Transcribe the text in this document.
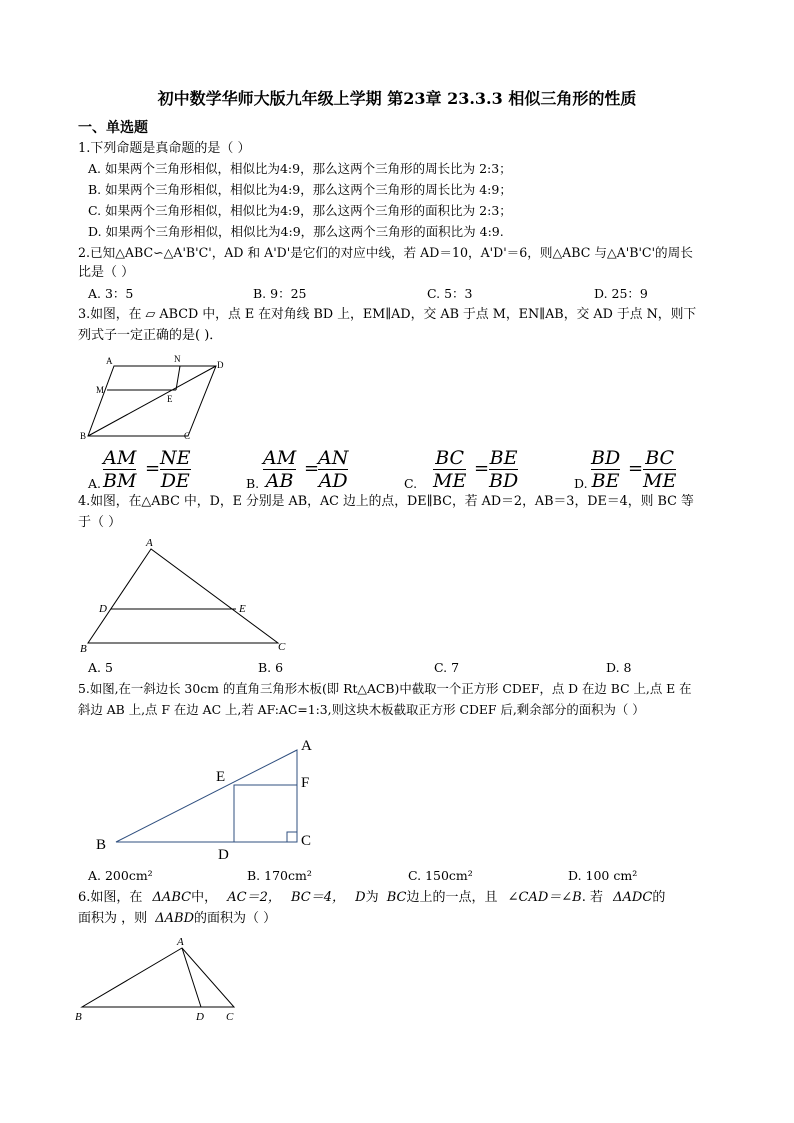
初中数学华师大版九年级上学期 第23章 23.3.3 相似三角形的性质
一、单选题
1.下列命题是真命题的是（ ）
A. 如果两个三角形相似，相似比为4:9，那么这两个三角形的周长比为 2:3；
B. 如果两个三角形相似，相似比为4:9，那么这两个三角形的周长比为 4:9；
C. 如果两个三角形相似，相似比为4:9，那么这两个三角形的面积比为 2:3；
D. 如果两个三角形相似，相似比为4:9，那么这两个三角形的面积比为 4:9.
2.已知△ABC∽△A'B'C'，AD 和 A'D'是它们的对应中线，若 AD＝10，A'D'＝6，则△ABC 与△A'B'C'的周长
比是（ ）
A. 3：5	B. 9：25	C. 5：3	D. 25：9
3.如图，在 ▱ ABCD 中，点 E 在对角线 BD 上，EM∥AD，交 AB 于点 M，EN∥AB，交 AD 于点 N，则下
列式子一定正确的是( )．
A	N
D
M
E
B	C
A. $\frac{AM}{BM} = \frac{NE}{DE}$	B. $\frac{AM}{AB}$ =
$\frac{AN}{AD}$	C. $\frac{BC}{ME} = \frac{BE}{BD}$	D. $\frac{BD}{BE} = \frac{BC}{ME}$
4.如图，在△ABC 中，D，E 分别是 AB，AC 边上的点，DE∥BC，若 AD＝2，AB＝3，DE＝4，则 BC 等
于（ ）
A
D	E
B	C
A. 5	B. 6	C. 7	D. 8
5.如图,在一斜边长 30cm 的直角三角形木板(即 Rt△ACB)中截取一个正方形 CDEF，点 D 在边 BC 上,点 E 在
斜边 AB 上,点 F 在边 AC 上,若 AF:AC=1:3,则这块木板截取正方形 CDEF 后,剩余部分的面积为（ ）
A
E	F
B
D
C
A. 200cm²	B. 170cm²	C. 150cm²	D. 100 cm²
6.如图，在 ΔABC中， AC＝2， BC＝4， D为 BC边上的一点，且 ∠CAD＝∠B. 若 ΔADC的
面积为 ，则 ΔABD的面积为（ ）
A
B	D C
